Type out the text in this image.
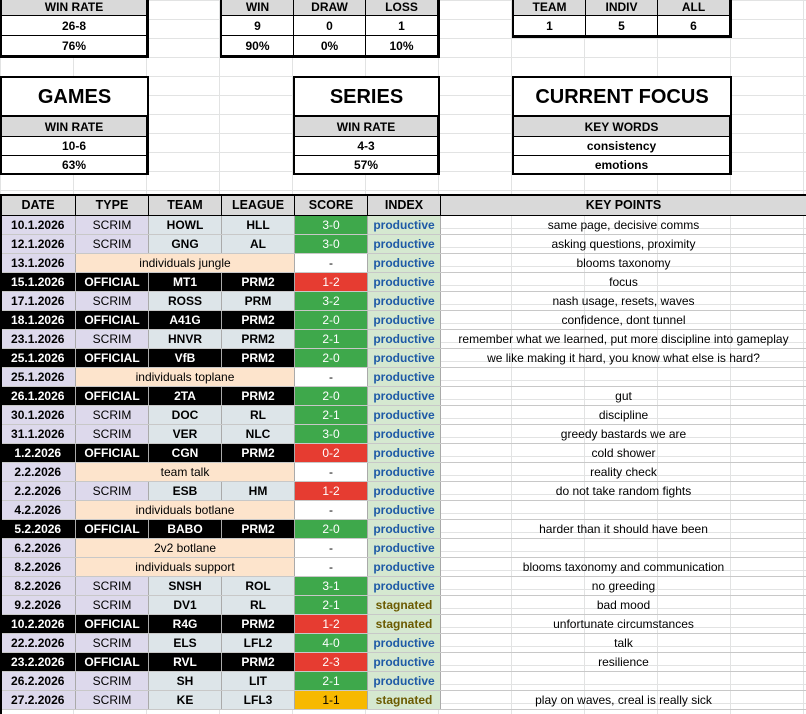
WIN RATE
26-8
76%
WIN	DRAW	LOSS
9	0	1
90%	0%	10%
TEAM	INDIV	ALL
1	5	6
GAMES
WIN RATE
10-6
63%
SERIES
WIN RATE
4-3
57%
CURRENT FOCUS
KEY WORDS
consistency
emotions
DATE	TYPE	TEAM	LEAGUE	SCORE	INDEX	KEY POINTS
10.1.2026	SCRIM	HOWL	HLL	3-0	productive	same page, decisive comms
12.1.2026	SCRIM	GNG	AL	3-0	productive	asking questions, proximity
13.1.2026	individuals jungle			-	productive	blooms taxonomy
15.1.2026	OFFICIAL	MT1	PRM2	1-2	productive	focus
17.1.2026	SCRIM	ROSS	PRM	3-2	productive	nash usage, resets, waves
18.1.2026	OFFICIAL	A41G	PRM2	2-0	productive	confidence, dont tunnel
23.1.2026	SCRIM	HNVR	PRM2	2-1	productive	remember what we learned, put more discipline into gameplay
25.1.2026	OFFICIAL	VfB	PRM2	2-0	productive	we like making it hard, you know what else is hard?
25.1.2026	individuals toplane			-	productive	
26.1.2026	OFFICIAL	2TA	PRM2	2-0	productive	gut
30.1.2026	SCRIM	DOC	RL	2-1	productive	discipline
31.1.2026	SCRIM	VER	NLC	3-0	productive	greedy bastards we are
1.2.2026	OFFICIAL	CGN	PRM2	0-2	productive	cold shower
2.2.2026	team talk			-	productive	reality check
2.2.2026	SCRIM	ESB	HM	1-2	productive	do not take random fights
4.2.2026	individuals botlane			-	productive	
5.2.2026	OFFICIAL	BABO	PRM2	2-0	productive	harder than it should have been
6.2.2026	2v2 botlane			-	productive	
8.2.2026	individuals support			-	productive	blooms taxonomy and communication
8.2.2026	SCRIM	SNSH	ROL	3-1	productive	no greeding
9.2.2026	SCRIM	DV1	RL	2-1	stagnated	bad mood
10.2.2026	OFFICIAL	R4G	PRM2	1-2	stagnated	unfortunate circumstances
22.2.2026	SCRIM	ELS	LFL2	4-0	productive	talk
23.2.2026	OFFICIAL	RVL	PRM2	2-3	productive	resilience
26.2.2026	SCRIM	SH	LIT	2-1	productive	
27.2.2026	SCRIM	KE	LFL3	1-1	stagnated	play on waves, creal is really sick
